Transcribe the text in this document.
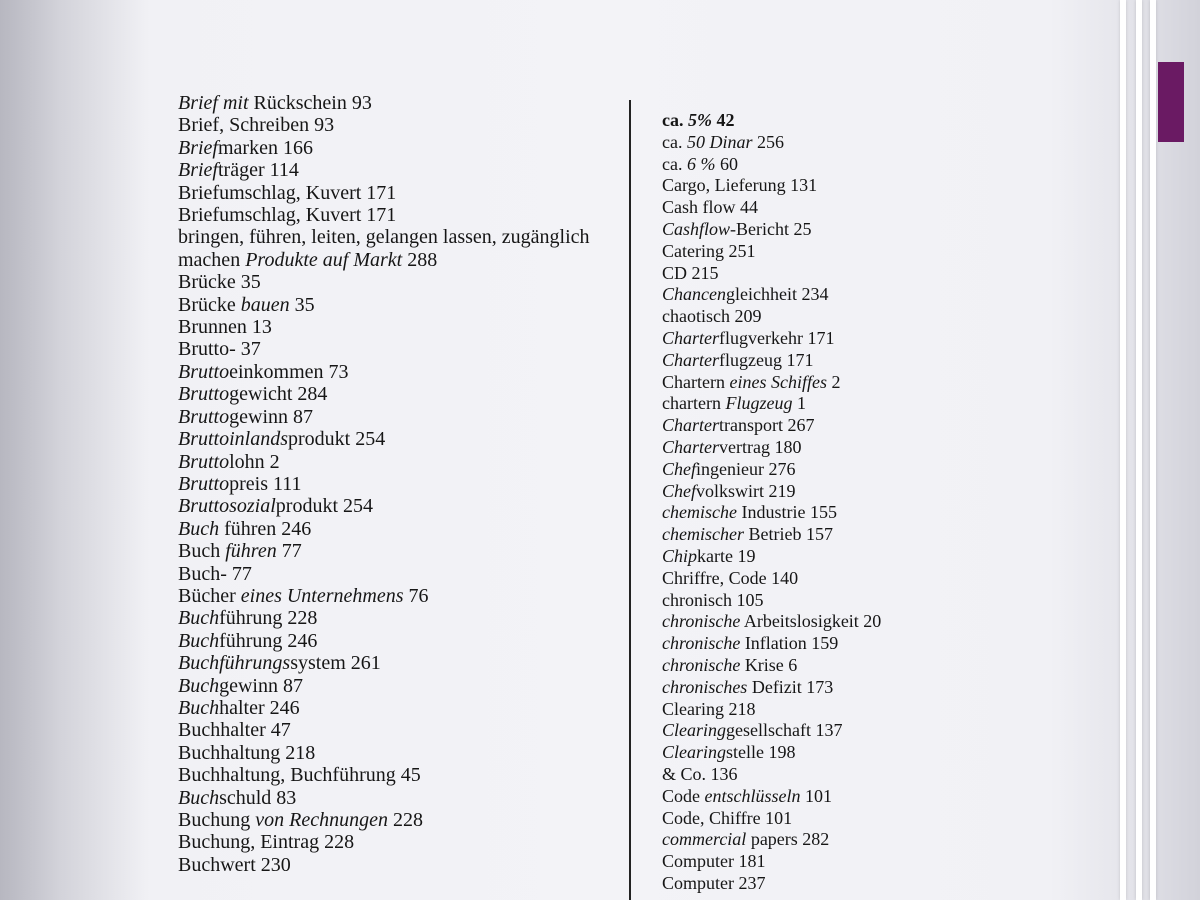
Brief mit Rückschein 93
Brief, Schreiben 93
Briefmarken 166
Briefträger 114
Briefumschlag, Kuvert 171
Briefumschlag, Kuvert 171
bringen, führen, leiten, gelangen lassen, zugänglich machen Produkte auf Markt 288
Brücke 35
Brücke bauen 35
Brunnen 13
Brutto- 37
Bruttoeinkommen 73
Bruttogewicht 284
Bruttogewinn 87
Bruttoinlandsprodukt 254
Bruttolohn 2
Bruttopreis 111
Bruttosozialprodukt 254
Buch führen 246
Buch führen 77
Buch- 77
Bücher eines Unternehmens 76
Buchführung 228
Buchführung 246
Buchführungssystem 261
Buchgewinn 87
Buchhalter 246
Buchhalter 47
Buchhaltung 218
Buchhaltung, Buchführung 45
Buchschuld 83
Buchung von Rechnungen 228
Buchung, Eintrag 228
Buchwert 230
ca. 5% 42
ca. 50 Dinar 256
ca. 6 % 60
Cargo, Lieferung 131
Cash flow 44
Cashflow-Bericht 25
Catering 251
CD 215
Chancengleichheit 234
chaotisch 209
Charterflugverkehr 171
Charterflugzeug 171
Chartern eines Schiffes 2
chartern Flugzeug 1
Chartertransport 267
Chartervertrag 180
Chefingenieur 276
Chefvolkswirt 219
chemische Industrie 155
chemischer Betrieb 157
Chipkarte 19
Chriffre, Code 140
chronisch 105
chronische Arbeitslosigkeit 20
chronische Inflation 159
chronische Krise 6
chronisches Defizit 173
Clearing 218
Clearinggesellschaft 137
Clearingstelle 198
& Co. 136
Code entschlüsseln 101
Code, Chiffre 101
commercial papers 282
Computer 181
Computer 237
